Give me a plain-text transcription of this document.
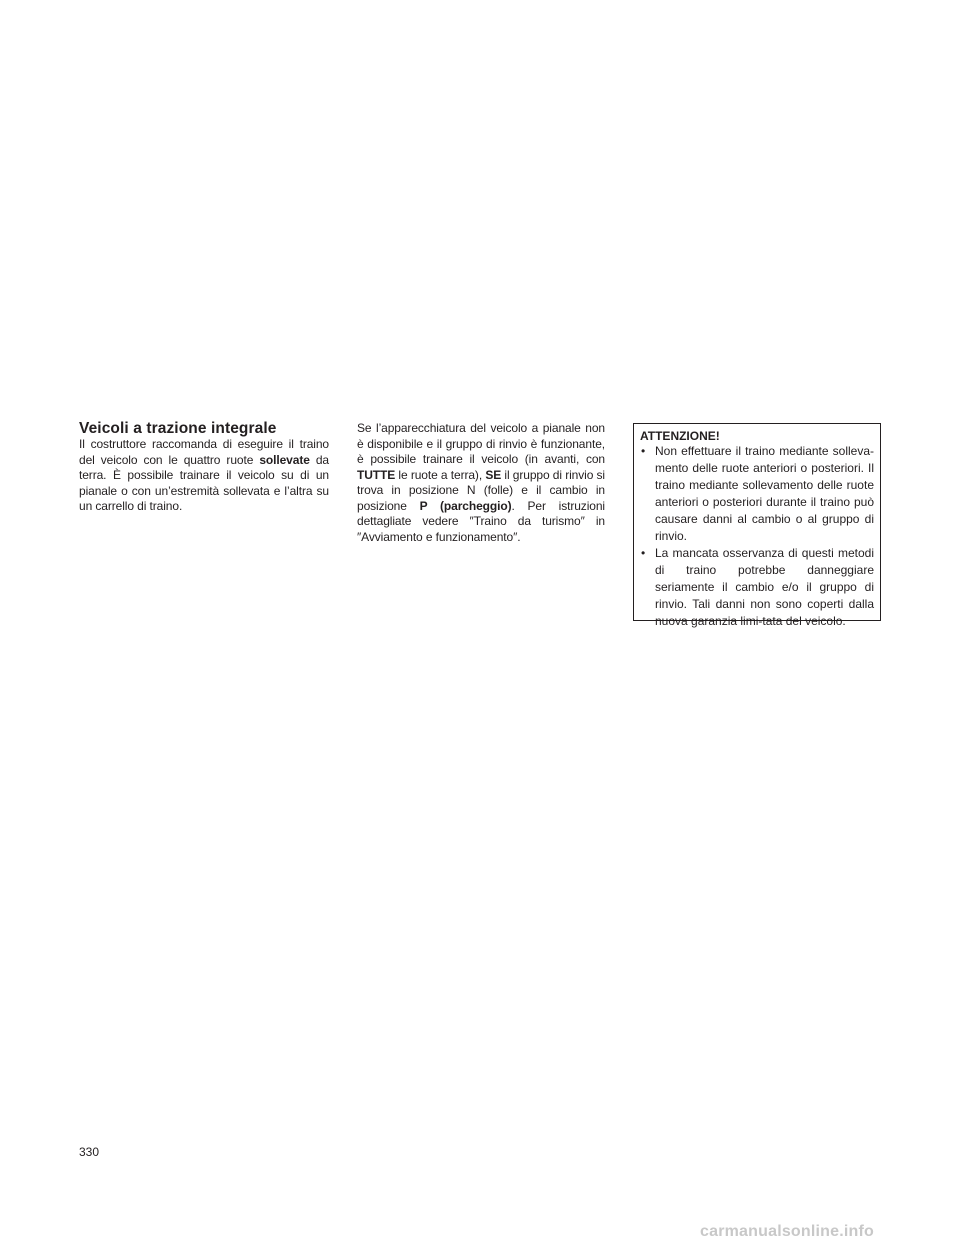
Veicoli a trazione integrale

Il costruttore raccomanda di eseguire il traino del veicolo con le quattro ruote sollevate da terra. È possibile trainare il veicolo su di un pianale o con un’estremità sollevata e l’altra su un carrello di traino.

Se l’apparecchiatura del veicolo a pianale non è disponibile e il gruppo di rinvio è funzionante, è possibile trainare il veicolo (in avanti, con TUTTE le ruote a terra), SE il gruppo di rinvio si trova in posizione N (folle) e il cambio in posizione P (parcheggio). Per istruzioni dettagliate vedere ″Traino da turismo″ in ″Avviamento e funzionamento″.

ATTENZIONE!

• Non effettuare il traino mediante solleva-mento delle ruote anteriori o posteriori. Il traino mediante sollevamento delle ruote anteriori o posteriori durante il traino può causare danni al cambio o al gruppo di rinvio.
• La mancata osservanza di questi metodi di traino potrebbe danneggiare seriamente il cambio e/o il gruppo di rinvio. Tali danni non sono coperti dalla nuova garanzia limi-tata del veicolo.
330
carmanualsonline.info
